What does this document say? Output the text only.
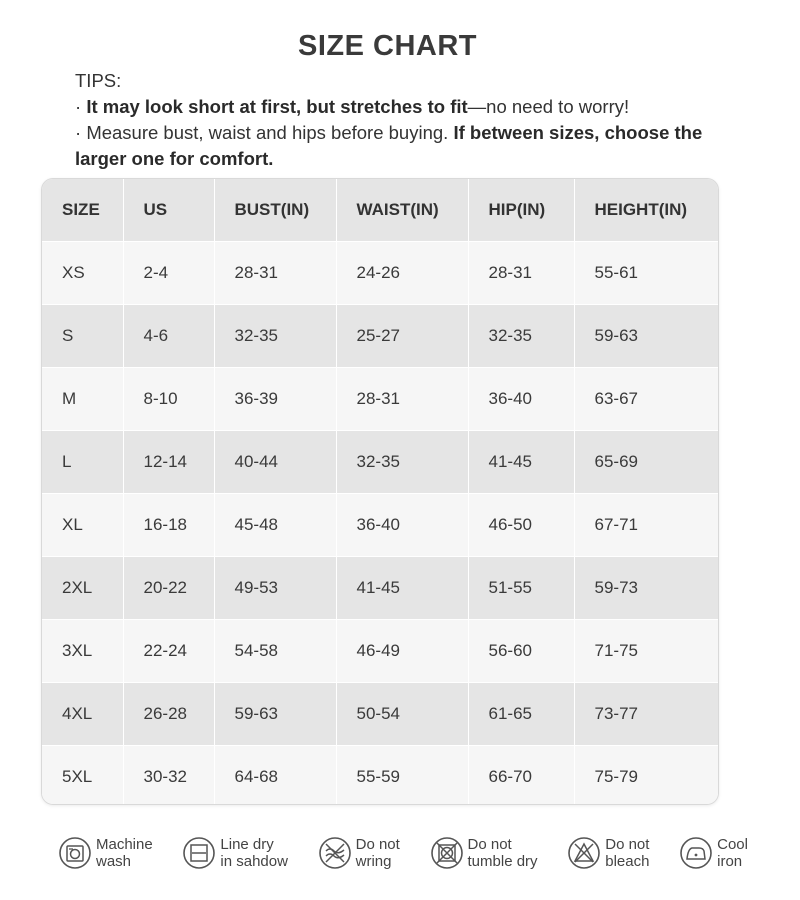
SIZE CHART
TIPS:
· It may look short at first, but stretches to fit—no need to worry!
· Measure bust, waist and hips before buying. If between sizes, choose the larger one for comfort.
SIZE	US	BUST(IN)	WAIST(IN)	HIP(IN)	HEIGHT(IN)
XS	2-4	28-31	24-26	28-31	55-61
S	4-6	32-35	25-27	32-35	59-63
M	8-10	36-39	28-31	36-40	63-67
L	12-14	40-44	32-35	41-45	65-69
XL	16-18	45-48	36-40	46-50	67-71
2XL	20-22	49-53	41-45	51-55	59-73
3XL	22-24	54-58	46-49	56-60	71-75
4XL	26-28	59-63	50-54	61-65	73-77
5XL	30-32	64-68	55-59	66-70	75-79
Machine
wash
Line dry
in sahdow
Do not
wring
Do not
tumble dry
Do not
bleach
Cool
iron
